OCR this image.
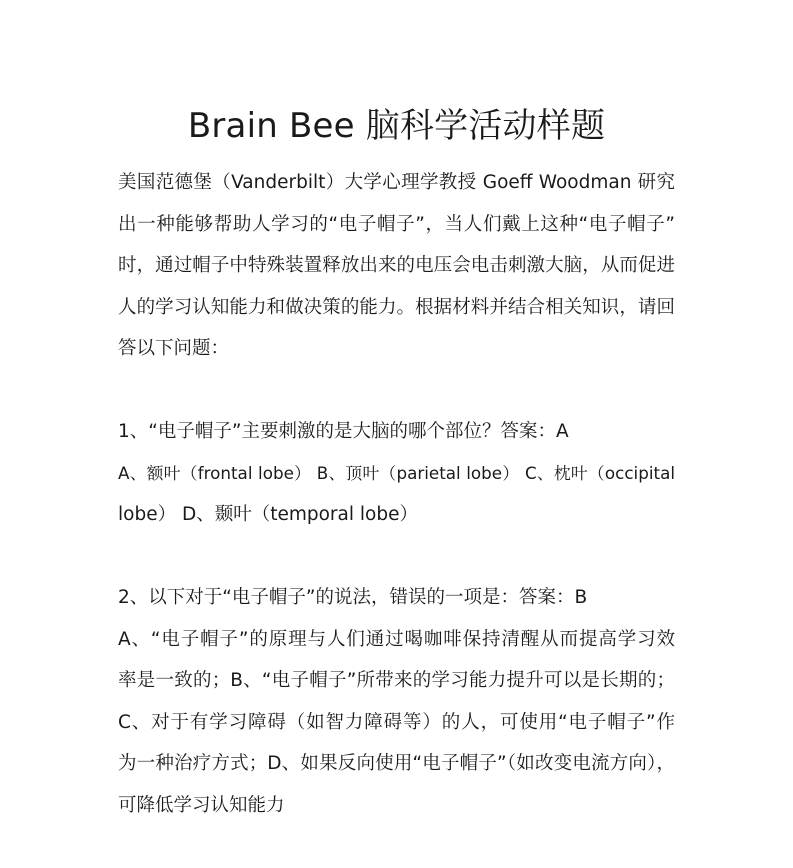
Brain Bee 脑科学活动样题
美国范德堡（Vanderbilt）大学心理学教授 Goeff Woodman 研究
出一种能够帮助人学习的“电子帽子”，当人们戴上这种“电子帽子”
时，通过帽子中特殊装置释放出来的电压会电击刺激大脑，从而促进
人的学习认知能力和做决策的能力。根据材料并结合相关知识，请回
答以下问题：
1、“电子帽子”主要刺激的是大脑的哪个部位？答案：A
A、额叶（frontal lobe） B、顶叶（parietal lobe） C、枕叶（occipital
lobe） D、颞叶（temporal lobe）
2、以下对于“电子帽子”的说法，错误的一项是：答案：B
A、“电子帽子”的原理与人们通过喝咖啡保持清醒从而提高学习效
率是一致的；B、“电子帽子”所带来的学习能力提升可以是长期的；
C、对于有学习障碍（如智力障碍等）的人，可使用“电子帽子”作
为一种治疗方式；D、如果反向使用“电子帽子”（如改变电流方向），
可降低学习认知能力
